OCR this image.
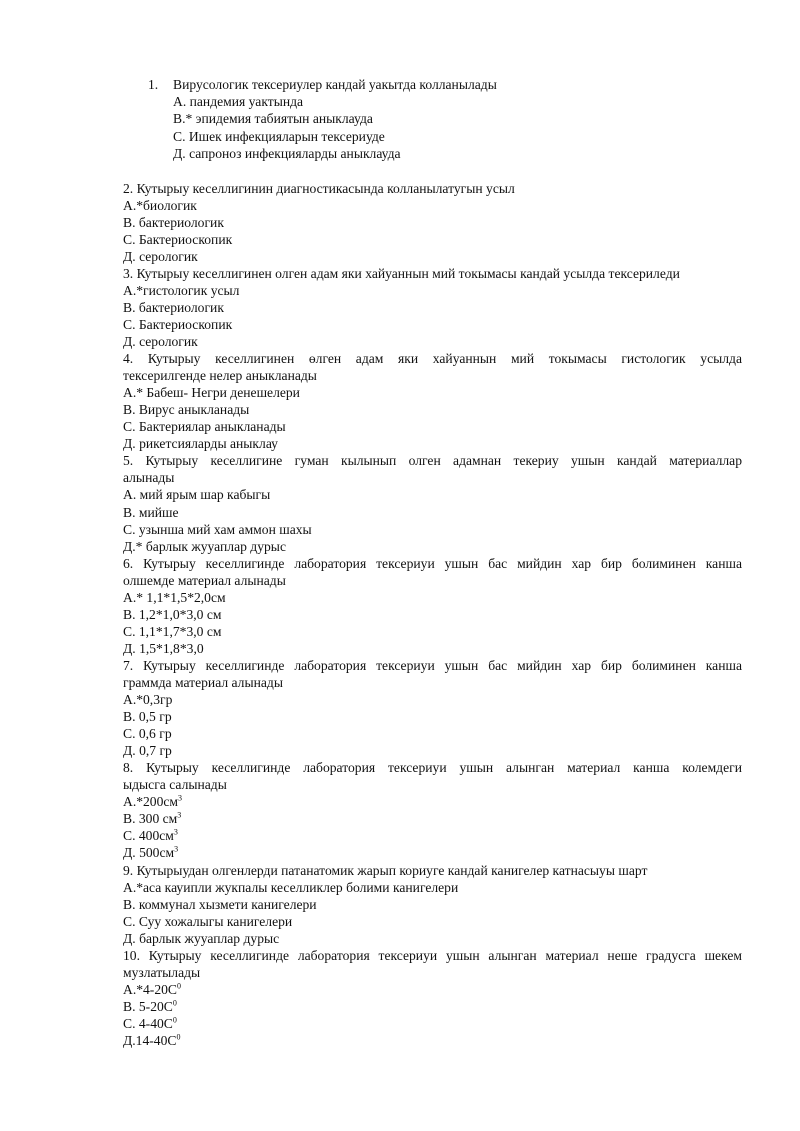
1.	Вирусологик тексериулер кандай уакытда колланылады
А. пандемия уактында
В.* эпидемия табиятын аныклауда
С. Ишек инфекцияларын тексериуде
Д. сапроноз инфекцияларды аныклауда
2. Кутырыу кеселлигинин диагностикасында колланылатугын усыл
А.*биологик
В. бактериологик
С. Бактериоскопик
Д. серологик
3. Кутырыу кеселлигинен олген адам яки хайуаннын мий токымасы кандай усылда тексериледи
А.*гистологик усыл
В. бактериологик
С. Бактериоскопик
Д. серологик
4. Кутырыу кеселлигинен өлген адам яки хайуаннын мий токымасы гистологик усылда
тексерилгенде нелер аныкланады
А.* Бабеш- Негри денешелери
В. Вирус аныкланады
С. Бактериялар аныкланады
Д. рикетсияларды аныклау
5. Кутырыу кеселлигине гуман кылынып олген адамнан текериу ушын кандай материаллар
алынады
А. мий ярым шар кабыгы
В. мийше
С. узынша мий хам аммон шахы
Д.* барлык жууаплар дурыс
6. Кутырыу кеселлигинде лаборатория тексериуи ушын бас мийдин хар бир болиминен канша
олшемде материал алынады
А.* 1,1*1,5*2,0см
В. 1,2*1,0*3,0 см
С. 1,1*1,7*3,0 см
Д. 1,5*1,8*3,0
7. Кутырыу кеселлигинде лаборатория тексериуи ушын бас мийдин хар бир болиминен канша
граммда материал алынады
А.*0,3гр
В. 0,5 гр
С. 0,6 гр
Д. 0,7 гр
8. Кутырыу кеселлигинде лаборатория тексериуи ушын алынган материал канша колемдеги
ыдысга салынады
$А.*200см^3$
В. 300 $см^3$
С. $400см^3$
Д. $500см^3$
9. Кутырыудан олгенлерди патанатомик жарып кориуге кандай канигелер катнасыуы шарт
А.*аса кауипли жукпалы кеселликлер болими канигелери
В. коммунал хызмети канигелери
С. Суу хожалыгы канигелери
Д. барлык жууаплар дурыс
10. Кутырыу кеселлигинде лаборатория тексериуи ушын алынган материал неше градусга шекем
музлатылады
$А.*4-20С^0$
В. $5-20С^0$
С. $4-40С^0$
$Д.14-40С^0$
